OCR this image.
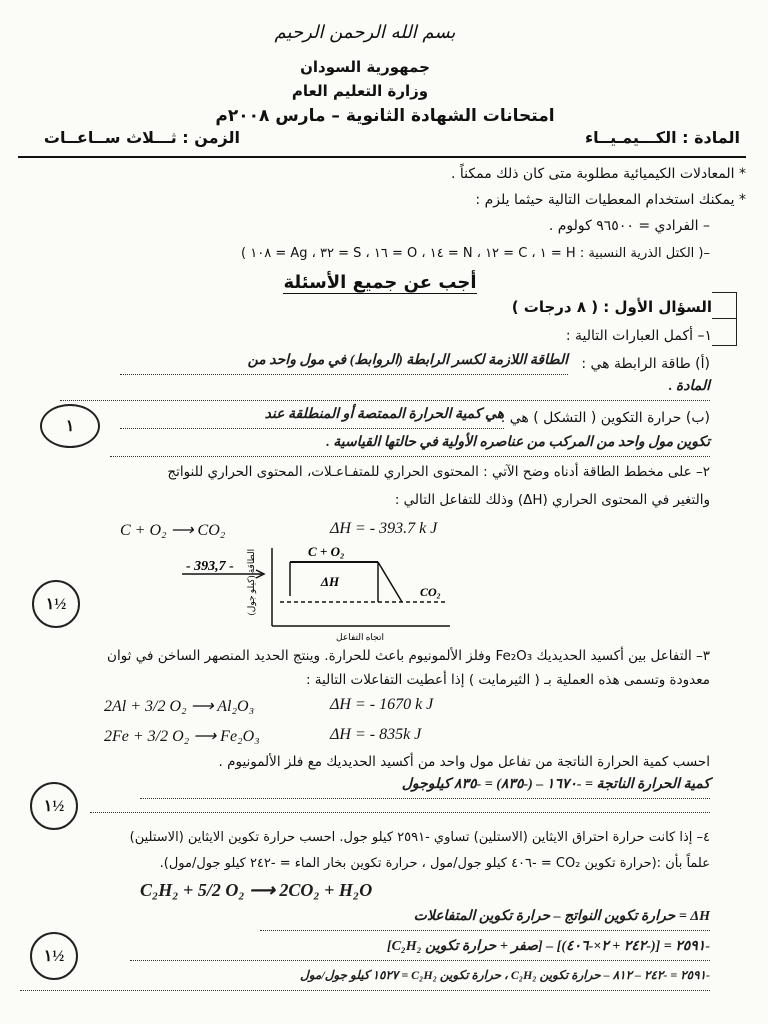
بسم الله الرحمن الرحيم
جمهورية السودان
وزارة التعليم العام
امتحانات الشهادة الثانوية – مارس ٢٠٠٨م
المادة : الكـــيمـيــاء
الزمن : ثـــلاث ســاعــات
* المعادلات الكيميائية مطلوبة متى كان ذلك ممكناً .
* يمكنك استخدام المعطيات التالية حيثما يلزم :
– الفرادي = ٩٦٥٠٠ كولوم .
–( الكتل الذرية النسبية : H = ١ ، C = ١٢ ، N = ١٤ ، O = ١٦ ، S = ٣٢ ، Ag = ١٠٨ )
أجب عن جميع الأسئلة
السؤال الأول : ( ٨ درجات )
١– أكمل العبارات التالية :
(أ) طاقة الرابطة هي :
الطاقة اللازمة لكسر الرابطة (الروابط) في مول واحد من
المادة .
١	(ب) حرارة التكوين ( التشكل ) هي :
هي كمية الحرارة الممتصة أو المنطلقة عند
تكوين مول واحد من المركب من عناصره الأولية في حالتها القياسية .
٢– على مخطط الطاقة أدناه وضح الآتي : المحتوى الحراري للمتفـاعـلات، المحتوى الحراري للنواتج
والتغير في المحتوى الحراري (ΔH) وذلك للتفاعل التالي :
C + O₂ ⟶ CO₂	ΔH = - 393.7 k J
الطاقة (كيلو جول)
اتجاه التفاعل
- 393,7 -
C + O₂
ΔH
CO₂
١½
٣– التفاعل بين أكسيد الحديديك Fe₂O₃ وفلز الألمونيوم باعث للحرارة. وينتج الحديد المنصهر الساخن في ثوان
معدودة وتسمى هذه العملية بـ ( الثيرمايت ) إذا أعطيت التفاعلات التالية :
2Al + 3/2 O₂ ⟶ Al₂O₃	ΔH = - 1670 k J
2Fe + 3/2 O₂ ⟶ Fe₂O₃	ΔH = - 835k J
احسب كمية الحرارة الناتجة من تفاعل مول واحد من أكسيد الحديديك مع فلز الألمونيوم .
كمية الحرارة الناتجة = -١٦٧٠ – (-٨٣٥) = -٨٣٥ كيلوجول
١½
٤– إذا كانت حرارة احتراق الايثاين (الاستلين) تساوي -٢٥٩١ كيلو جول. احسب حرارة تكوين الايثاين (الاستلين)
علماً بأن :(حرارة تكوين CO₂ = -٤٠٦ كيلو جول/مول ، حرارة تكوين بخار الماء = -٢٤٢ كيلو جول/مول).
C₂H₂ + 5/2 O₂ ⟶ 2CO₂ + H₂O
ΔH = حرارة تكوين النواتج – حرارة تكوين المتفاعلات
-٢٥٩١ = [(-٢٤٢ + ٢×-٤٠٦)] – [صفر + حرارة تكوين C₂H₂]
-٢٥٩١ = -٢٤٢ – ٨١٢ – حرارة تكوين C₂H₂ ، حرارة تكوين C₂H₂ = ١٥٢٧ كيلو جول/مول
١½
